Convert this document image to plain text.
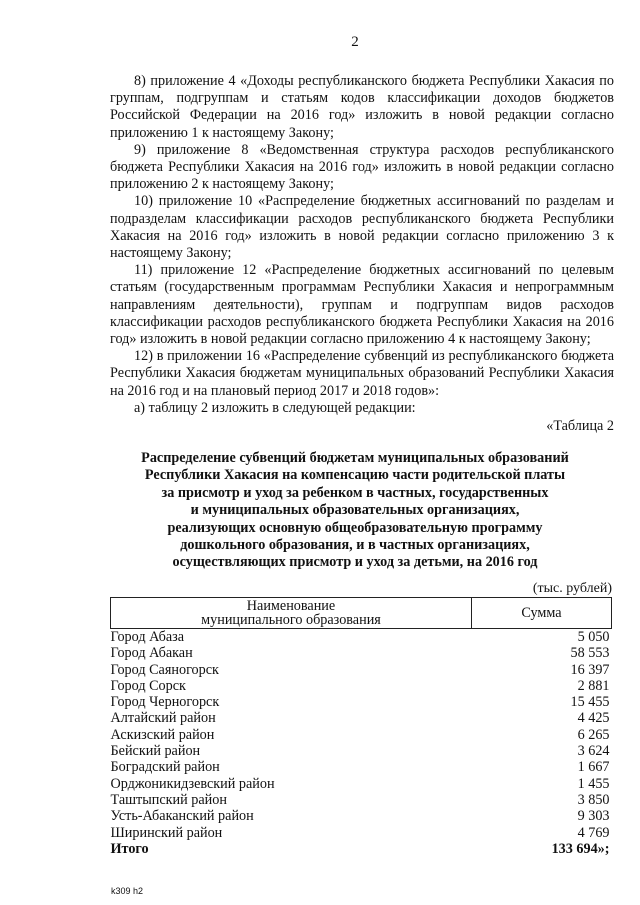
2

8) приложение 4 «Доходы республиканского бюджета Республики Хакасия по группам, подгруппам и статьям кодов классификации доходов бюджетов Российской Федерации на 2016 год» изложить в новой редакции согласно приложению 1 к настоящему Закону;

9) приложение 8 «Ведомственная структура расходов республиканского бюджета Республики Хакасия на 2016 год» изложить в новой редакции согласно приложению 2 к настоящему Закону;

10) приложение 10 «Распределение бюджетных ассигнований по разделам и подразделам классификации расходов республиканского бюджета Республики Хакасия на 2016 год» изложить в новой редакции согласно приложению 3 к настоящему Закону;

11) приложение 12 «Распределение бюджетных ассигнований по целевым статьям (государственным программам Республики Хакасия и непрограммным направлениям деятельности), группам и подгруппам видов расходов классификации расходов республиканского бюджета Республики Хакасия на 2016 год» изложить в новой редакции согласно приложению 4 к настоящему Закону;

12) в приложении 16 «Распределение субвенций из республиканского бюджета Республики Хакасия бюджетам муниципальных образований Республики Хакасия на 2016 год и на плановый период 2017 и 2018 годов»:

а) таблицу 2 изложить в следующей редакции:

«Таблица 2
Распределение субвенций бюджетам муниципальных образований
Республики Хакасия на компенсацию части родительской платы
за присмотр и уход за ребенком в частных, государственных
и муниципальных образовательных организациях,
реализующих основную общеобразовательную программу
дошкольного образования, и в частных организациях,
осуществляющих присмотр и уход за детьми, на 2016 год
(тыс. рублей)
Наименование
муниципального образования	Сумма
Город Абаза	5 050
Город Абакан	58 553
Город Саяногорск	16 397
Город Сорск	2 881
Город Черногорск	15 455
Алтайский район	4 425
Аскизский район	6 265
Бейский район	3 624
Боградский район	1 667
Орджоникидзевский район	1 455
Таштыпский район	3 850
Усть-Абаканский район	9 303
Ширинский район	4 769
Итого	133 694»;
k309 h2
